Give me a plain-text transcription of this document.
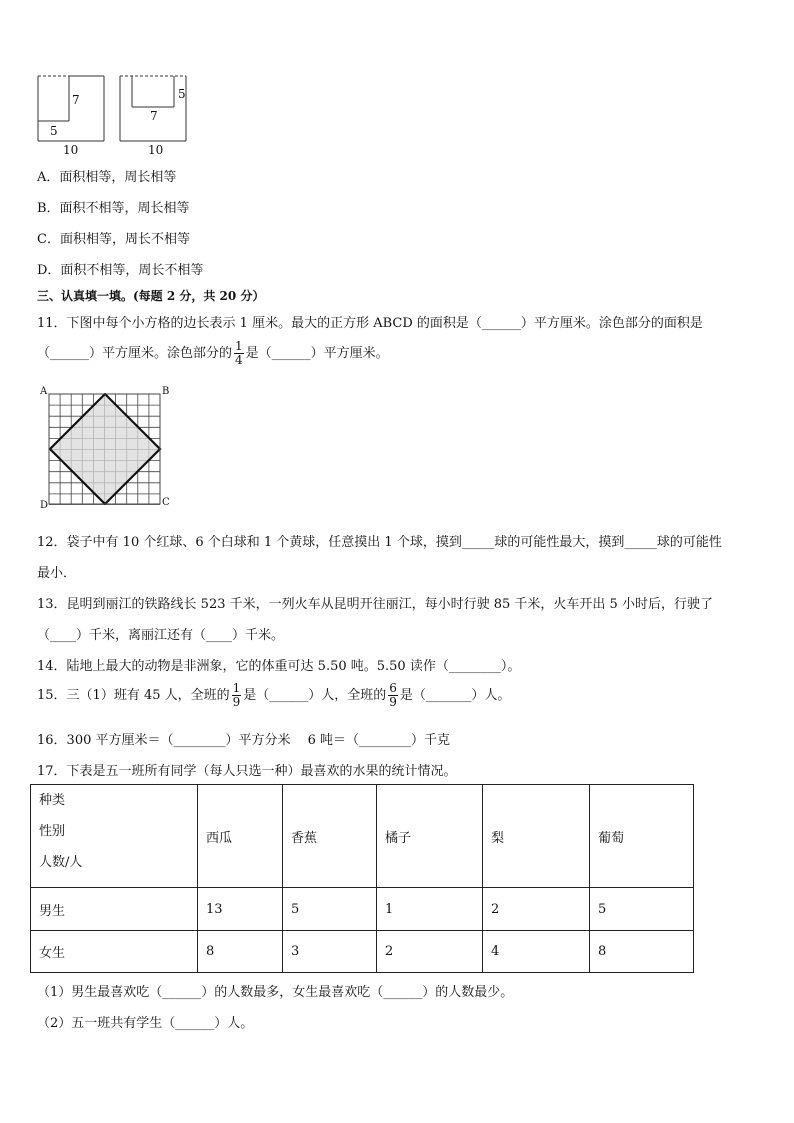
7
5
10
5
7
10
A．面积相等，周长相等
B．面积不相等，周长相等
C．面积相等，周长不相等
D．面积不相等，周长不相等
三、认真填一填。(每题 2 分，共 20 分）
11．下图中每个小方格的边长表示 1 厘米。最大的正方形 ABCD 的面积是（______）平方厘米。涂色部分的面积是
（______）平方厘米。涂色部分的 $\frac{1}{4}$ 是（______）平方厘米。
A	B
C
D
12．袋子中有 10 个红球、6 个白球和 1 个黄球，任意摸出 1 个球，摸到_____球的可能性最大，摸到_____球的可能性
最小．
13．昆明到丽江的铁路线长 523 千米，一列火车从昆明开往丽江，每小时行驶 85 千米，火车开出 5 小时后，行驶了
（____）千米，离丽江还有（____）千米。
14．陆地上最大的动物是非洲象，它的体重可达 5.50 吨。5.50 读作（________）。
15．三（1）班有 45 人，全班的 $\frac{1}{9}$ 是（______）人，全班的 $\frac{6}{9}$ 是（_______）人。
16．300 平方厘米＝（________）平方分米　 6 吨＝（________）千克
17．下表是五一班所有同学（每人只选一种）最喜欢的水果的统计情况。
种类
性别
人数/人	西瓜	香蕉	橘子	梨	葡萄
男生	13	5	1	2	5
女生	8	3	2	4	8
（1）男生最喜欢吃（______）的人数最多，女生最喜欢吃（______）的人数最少。
（2）五一班共有学生（______）人。
